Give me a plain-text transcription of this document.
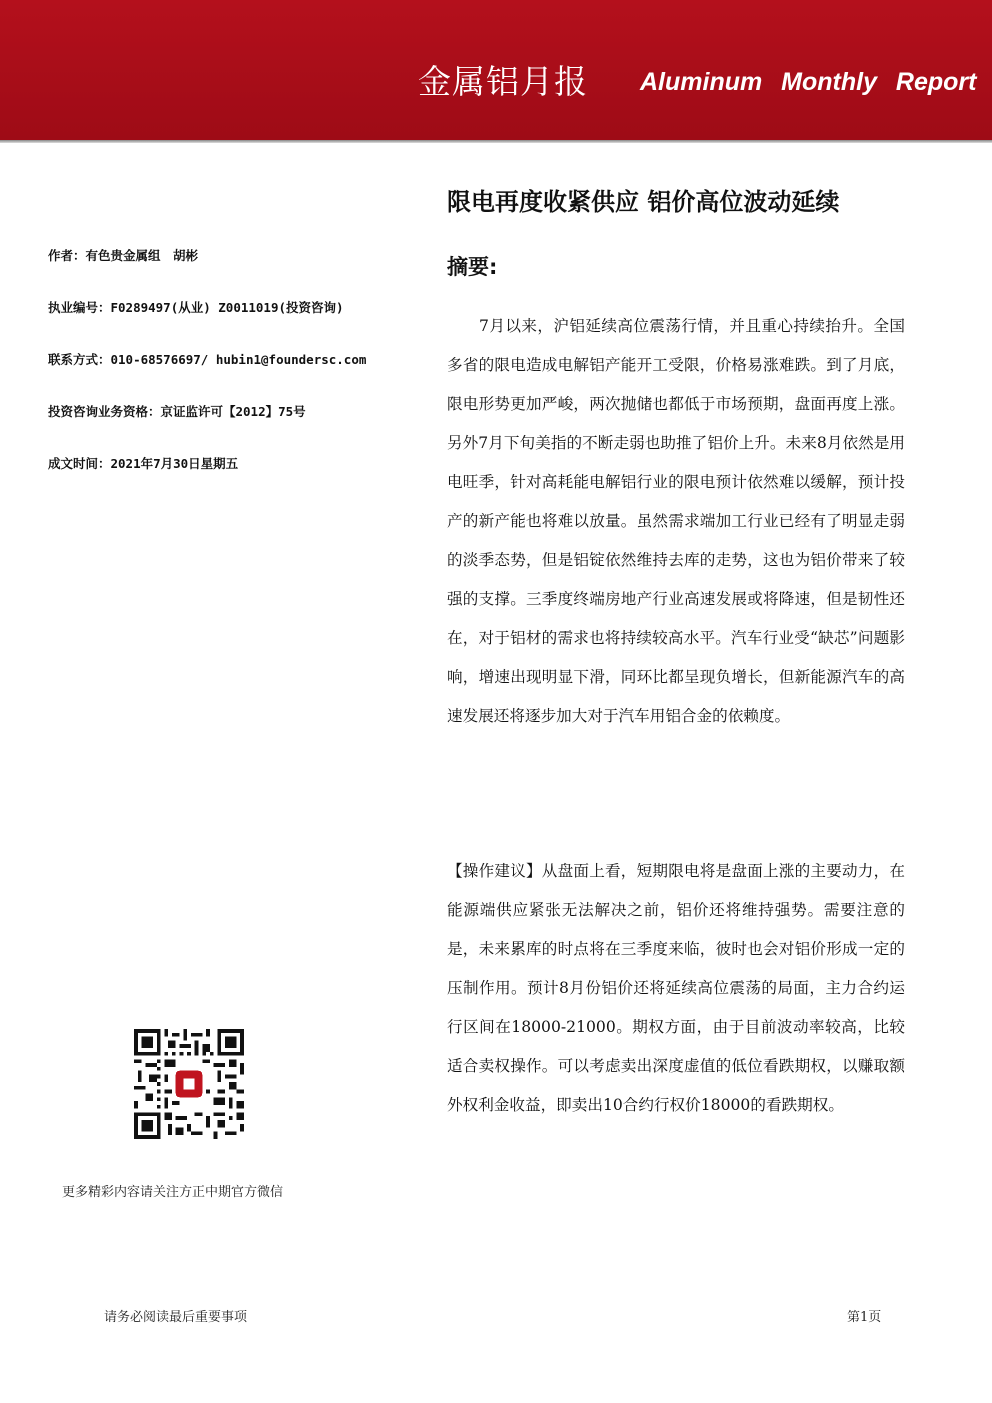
金属铝月报 Aluminum Monthly Report
限电再度收紧供应 铝价高位波动延续
摘要:
作者：有色贵金属组　胡彬
执业编号：F0289497(从业) Z0011019(投资咨询)
联系方式：010-68576697/ hubin1@foundersc.com
投资咨询业务资格：京证监许可【2012】75号
成文时间：2021年7月30日星期五

7月以来，沪铝延续高位震荡行情，并且重心持续抬升。全国多省的限电造成电解铝产能开工受限，价格易涨难跌。到了月底，限电形势更加严峻，两次抛储也都低于市场预期，盘面再度上涨。另外7月下旬美指的不断走弱也助推了铝价上升。未来8月依然是用电旺季，针对高耗能电解铝行业的限电预计依然难以缓解，预计投产的新产能也将难以放量。虽然需求端加工行业已经有了明显走弱的淡季态势，但是铝锭依然维持去库的走势，这也为铝价带来了较强的支撑。三季度终端房地产行业高速发展或将降速，但是韧性还在，对于铝材的需求也将持续较高水平。汽车行业受“缺芯”问题影响，增速出现明显下滑，同环比都呈现负增长，但新能源汽车的高速发展还将逐步加大对于汽车用铝合金的依赖度。

【操作建议】从盘面上看，短期限电将是盘面上涨的主要动力，在能源端供应紧张无法解决之前，铝价还将维持强势。需要注意的是，未来累库的时点将在三季度来临，彼时也会对铝价形成一定的压制作用。预计8月份铝价还将延续高位震荡的局面，主力合约运行区间在18000-21000。期权方面，由于目前波动率较高，比较适合卖权操作。可以考虑卖出深度虚值的低位看跌期权，以赚取额外权利金收益，即卖出10合约行权价18000的看跌期权。

更多精彩内容请关注方正中期官方微信
请务必阅读最后重要事项	第1页
